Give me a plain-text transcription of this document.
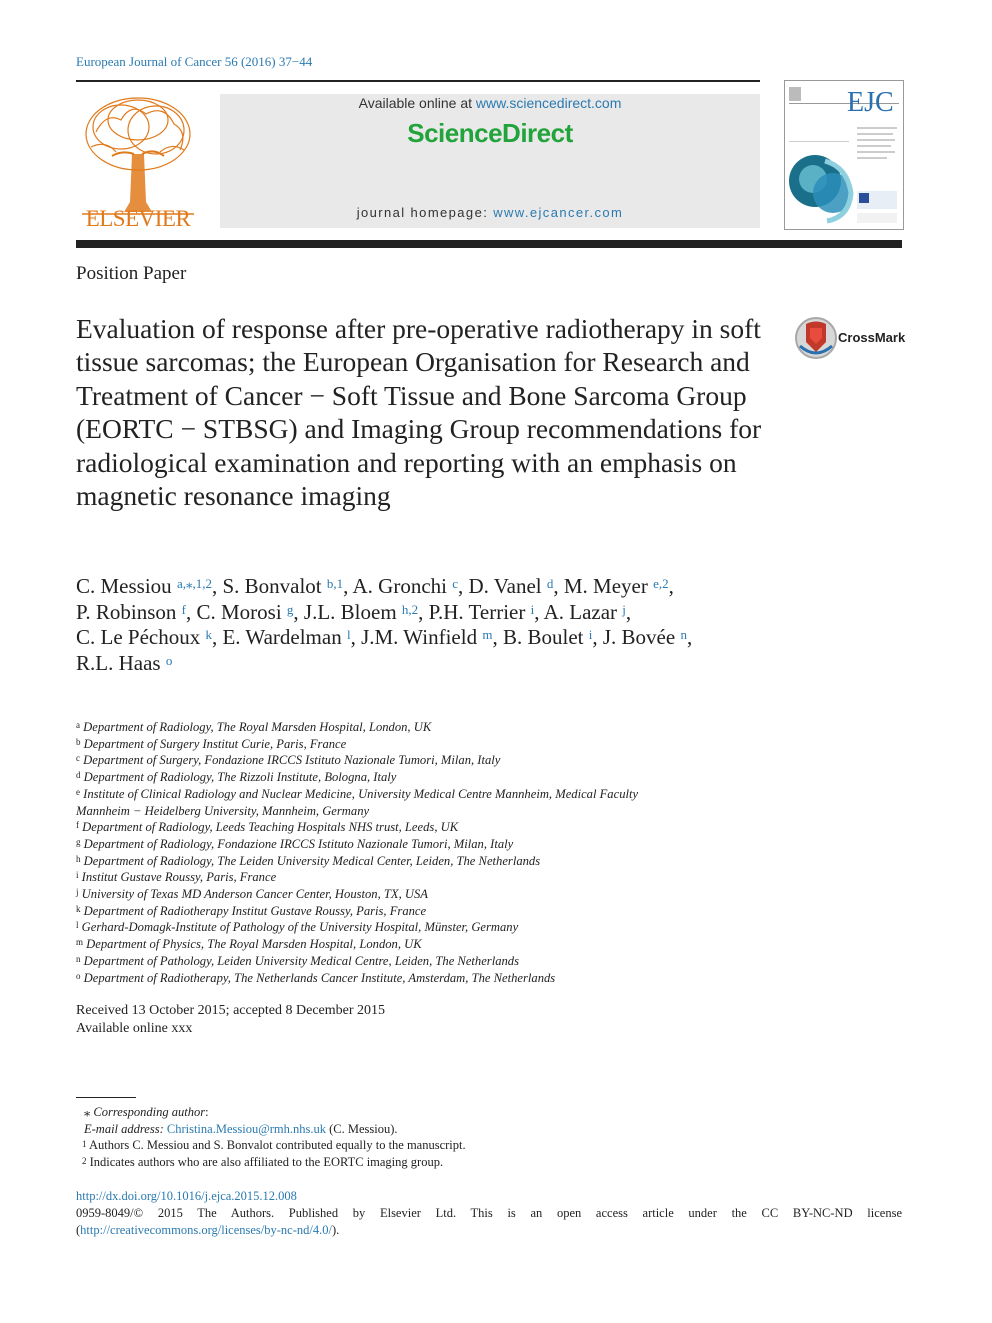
European Journal of Cancer 56 (2016) 37−44
ELSEVIER
Available online at www.sciencedirect.com
ScienceDirect
journal homepage: www.ejcancer.com
EJC
Position Paper
Evaluation of response after pre-operative radiotherapy in soft tissue sarcomas; the European Organisation for Research and Treatment of Cancer − Soft Tissue and Bone Sarcoma Group (EORTC − STBSG) and Imaging Group recommendations for radiological examination and reporting with an emphasis on magnetic resonance imaging
CrossMark
C. Messiou $^{a,⁎,1,2}$, S. Bonvalot $^{b,1}$, A. Gronchi $^c$, D. Vanel $^d$, M. Meyer $^{e,2}$,
P. Robinson $^f$, C. Morosi $^g$, J.L. Bloem $^{h,2}$, P.H. Terrier $^i$, A. Lazar $^j$,
C. Le Péchoux $^k$, E. Wardelman $^l$, J.M. Winfield $^m$, B. Boulet $^i$, J. Bovée $^n$,
R.L. Haas $^o$
$^a$ Department of Radiology, The Royal Marsden Hospital, London, UK
$^b$ Department of Surgery Institut Curie, Paris, France
$^c$ Department of Surgery, Fondazione IRCCS Istituto Nazionale Tumori, Milan, Italy
$^d$ Department of Radiology, The Rizzoli Institute, Bologna, Italy
$^e$ Institute of Clinical Radiology and Nuclear Medicine, University Medical Centre Mannheim, Medical Faculty
Mannheim − Heidelberg University, Mannheim, Germany
$^f$ Department of Radiology, Leeds Teaching Hospitals NHS trust, Leeds, UK
$^g$ Department of Radiology, Fondazione IRCCS Istituto Nazionale Tumori, Milan, Italy
$^h$ Department of Radiology, The Leiden University Medical Center, Leiden, The Netherlands
$^i$ Institut Gustave Roussy, Paris, France
$^j$ University of Texas MD Anderson Cancer Center, Houston, TX, USA
$^k$ Department of Radiotherapy Institut Gustave Roussy, Paris, France
$^l$ Gerhard-Domagk-Institute of Pathology of the University Hospital, Münster, Germany
$^m$ Department of Physics, The Royal Marsden Hospital, London, UK
$^n$ Department of Pathology, Leiden University Medical Centre, Leiden, The Netherlands
$^o$ Department of Radiotherapy, The Netherlands Cancer Institute, Amsterdam, The Netherlands
Received 13 October 2015; accepted 8 December 2015
Available online xxx
⁎ Corresponding author:
E-mail address: Christina.Messiou@rmh.nhs.uk (C. Messiou).
$^1$ Authors C. Messiou and S. Bonvalot contributed equally to the manuscript.
$^2$ Indicates authors who are also affiliated to the EORTC imaging group.
http://dx.doi.org/10.1016/j.ejca.2015.12.008
0959-8049/© 2015 The Authors. Published by Elsevier Ltd. This is an open access article under the CC BY-NC-ND license (http://creativecommons.org/licenses/by-nc-nd/4.0/).
